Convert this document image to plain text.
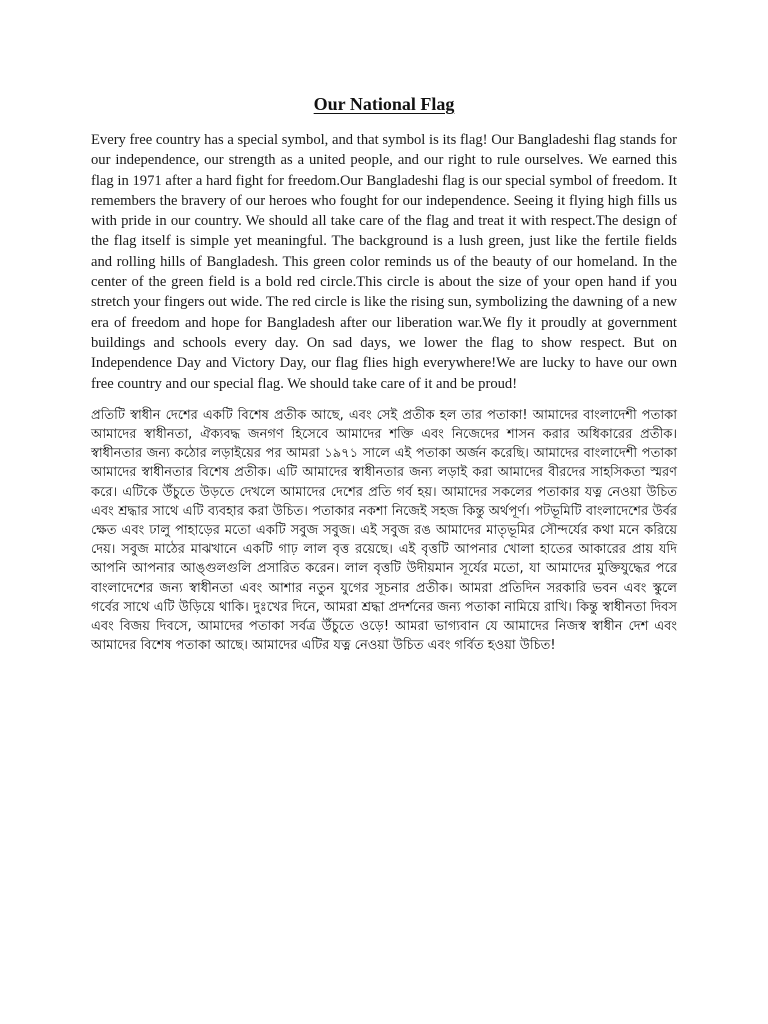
Our National Flag

Every free country has a special symbol, and that symbol is its flag! Our Bangladeshi flag stands for our independence, our strength as a united people, and our right to rule ourselves. We earned this flag in 1971 after a hard fight for freedom.Our Bangladeshi flag is our special symbol of freedom. It remembers the bravery of our heroes who fought for our independence. Seeing it flying high fills us with pride in our country. We should all take care of the flag and treat it with respect.The design of the flag itself is simple yet meaningful. The background is a lush green, just like the fertile fields and rolling hills of Bangladesh. This green color reminds us of the beauty of our homeland. In the center of the green field is a bold red circle.This circle is about the size of your open hand if you stretch your fingers out wide. The red circle is like the rising sun, symbolizing the dawning of a new era of freedom and hope for Bangladesh after our liberation war.We fly it proudly at government buildings and schools every day. On sad days, we lower the flag to show respect. But on Independence Day and Victory Day, our flag flies high everywhere!We are lucky to have our own free country and our special flag. We should take care of it and be proud!

প্রতিটি স্বাধীন দেশের একটি বিশেষ প্রতীক আছে, এবং সেই প্রতীক হল তার পতাকা! আমাদের বাংলাদেশী পতাকা আমাদের স্বাধীনতা, ঐক্যবদ্ধ জনগণ হিসেবে আমাদের শক্তি এবং নিজেদের শাসন করার অধিকারের প্রতীক। স্বাধীনতার জন্য কঠোর লড়াইয়ের পর আমরা ১৯৭১ সালে এই পতাকা অর্জন করেছি। আমাদের বাংলাদেশী পতাকা আমাদের স্বাধীনতার বিশেষ প্রতীক। এটি আমাদের স্বাধীনতার জন্য লড়াই করা আমাদের বীরদের সাহসিকতা স্মরণ করে। এটিকে উঁচুতে উড়তে দেখলে আমাদের দেশের প্রতি গর্ব হয়। আমাদের সকলের পতাকার যত্ন নেওয়া উচিত এবং শ্রদ্ধার সাথে এটি ব্যবহার করা উচিত। পতাকার নকশা নিজেই সহজ কিন্তু অর্থপূর্ণ। পটভূমিটি বাংলাদেশের উর্বর ক্ষেত এবং ঢালু পাহাড়ের মতো একটি সবুজ সবুজ। এই সবুজ রঙ আমাদের মাতৃভূমির সৌন্দর্যের কথা মনে করিয়ে দেয়। সবুজ মাঠের মাঝখানে একটি গাঢ় লাল বৃত্ত রয়েছে। এই বৃত্তটি আপনার খোলা হাতের আকারের প্রায় যদি আপনি আপনার আঙ্গুলগুলি প্রসারিত করেন। লাল বৃত্তটি উদীয়মান সূর্যের মতো, যা আমাদের মুক্তিযুদ্ধের পরে বাংলাদেশের জন্য স্বাধীনতা এবং আশার নতুন যুগের সূচনার প্রতীক। আমরা প্রতিদিন সরকারি ভবন এবং স্কুলে গর্বের সাথে এটি উড়িয়ে থাকি। দুঃখের দিনে, আমরা শ্রদ্ধা প্রদর্শনের জন্য পতাকা নামিয়ে রাখি। কিন্তু স্বাধীনতা দিবস এবং বিজয় দিবসে, আমাদের পতাকা সর্বত্র উঁচুতে ওড়ে! আমরা ভাগ্যবান যে আমাদের নিজস্ব স্বাধীন দেশ এবং আমাদের বিশেষ পতাকা আছে। আমাদের এটির যত্ন নেওয়া উচিত এবং গর্বিত হওয়া উচিত!
